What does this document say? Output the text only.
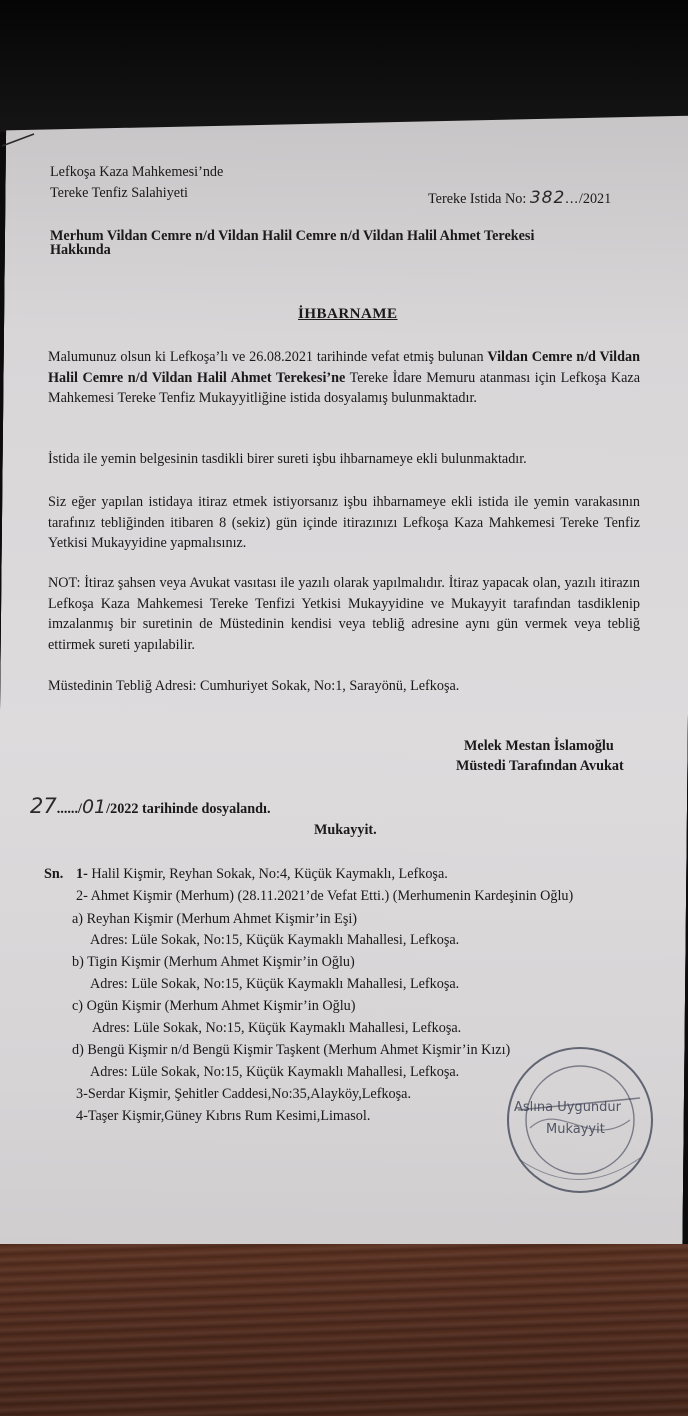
Lefkoşa Kaza Mahkemesi’nde
Tereke Tenfiz Salahiyeti	Tereke Istida No: 382.../2021
Merhum Vildan Cemre n/d Vildan Halil Cemre n/d Vildan Halil Ahmet Terekesi
Hakkında
İHBARNAME

Malumunuz olsun ki Lefkoşa’lı ve 26.08.2021 tarihinde vefat etmiş bulunan Vildan Cemre n/d Vildan Halil Cemre n/d Vildan Halil Ahmet Terekesi’ne Tereke İdare Memuru atanması için Lefkoşa Kaza Mahkemesi Tereke Tenfiz Mukayyitliğine istida dosyalamış bulunmaktadır.

İstida ile yemin belgesinin tasdikli birer sureti işbu ihbarnameye ekli bulunmaktadır.

Siz eğer yapılan istidaya itiraz etmek istiyorsanız işbu ihbarnameye ekli istida ile yemin varakasının tarafınız tebliğinden itibaren 8 (sekiz) gün içinde itirazınızı Lefkoşa Kaza Mahkemesi Tereke Tenfiz Yetkisi Mukayyidine yapmalısınız.

NOT: İtiraz şahsen veya Avukat vasıtası ile yazılı olarak yapılmalıdır. İtiraz yapacak olan, yazılı itirazın Lefkoşa Kaza Mahkemesi Tereke Tenfizi Yetkisi Mukayyidine ve Mukayyit tarafından tasdiklenip imzalanmış bir suretinin de Müstedinin kendisi veya tebliğ adresine aynı gün vermek veya tebliğ ettirmek sureti yapılabilir.

Müstedinin Tebliğ Adresi: Cumhuriyet Sokak, No:1, Sarayönü, Lefkoşa.
Melek Mestan İslamoğlu
Müstedi Tarafından Avukat
27....../01/2022 tarihinde dosyalandı.
Mukayyit.
Sn. 1- Halil Kişmir, Reyhan Sokak, No:4, Küçük Kaymaklı, Lefkoşa.
2- Ahmet Kişmir (Merhum) (28.11.2021’de Vefat Etti.) (Merhumenin Kardeşinin Oğlu)
a) Reyhan Kişmir (Merhum Ahmet Kişmir’in Eşi)
Adres: Lüle Sokak, No:15, Küçük Kaymaklı Mahallesi, Lefkoşa.
b) Tigin Kişmir (Merhum Ahmet Kişmir’in Oğlu)
Adres: Lüle Sokak, No:15, Küçük Kaymaklı Mahallesi, Lefkoşa.
c) Ogün Kişmir (Merhum Ahmet Kişmir’in Oğlu)
Adres: Lüle Sokak, No:15, Küçük Kaymaklı Mahallesi, Lefkoşa.
d) Bengü Kişmir n/d Bengü Kişmir Taşkent (Merhum Ahmet Kişmir’in Kızı)
Adres: Lüle Sokak, No:15, Küçük Kaymaklı Mahallesi, Lefkoşa.
3-Serdar Kişmir, Şehitler Caddesi,No:35,Alayköy,Lefkoşa.
4-Taşer Kişmir,Güney Kıbrıs Rum Kesimi,Limasol.
Aslına Uygundur
Mukayyit
